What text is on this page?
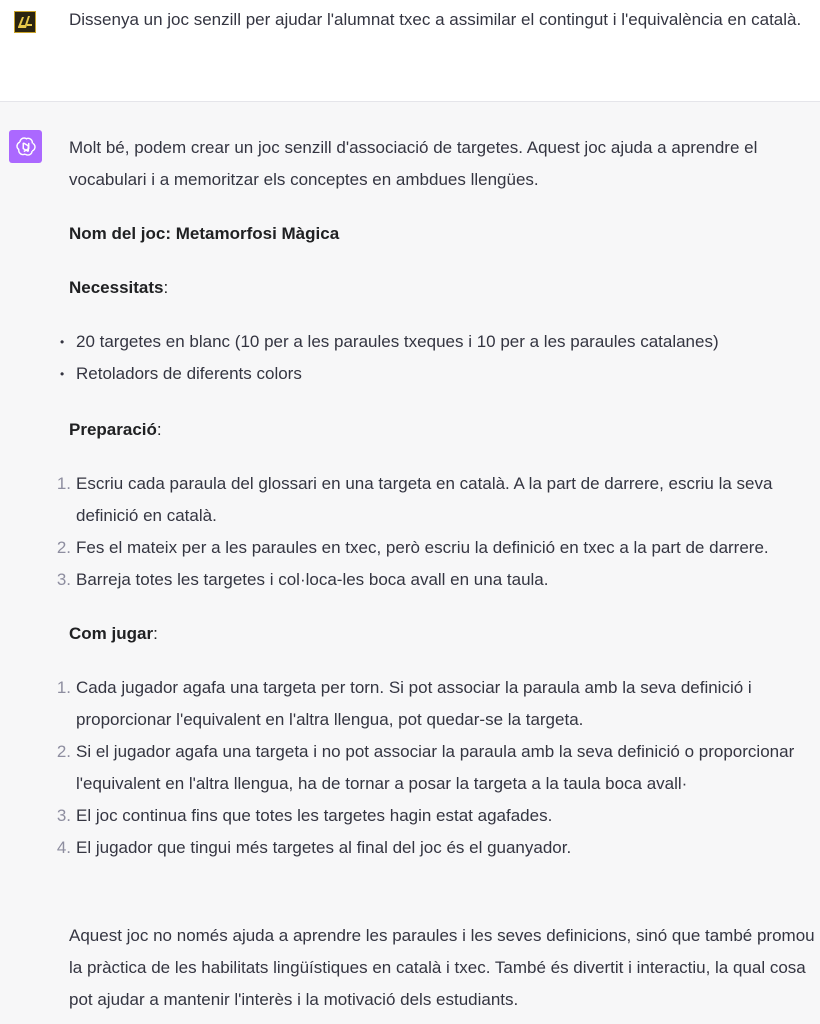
Dissenya un joc senzill per ajudar l'alumnat txec a assimilar el contingut i l'equivalència en català.

Molt bé, podem crear un joc senzill d'associació de targetes. Aquest joc ajuda a aprendre el vocabulari i a memoritzar els conceptes en ambdues llengües.

Nom del joc: Metamorfosi Màgica

Necessitats:

• 20 targetes en blanc (10 per a les paraules txeques i 10 per a les paraules catalanes)
• Retoladors de diferents colors

Preparació:

1. Escriu cada paraula del glossari en una targeta en català. A la part de darrere, escriu la seva definició en català.
2. Fes el mateix per a les paraules en txec, però escriu la definició en txec a la part de darrere.
3. Barreja totes les targetes i col·loca-les boca avall en una taula.

Com jugar:

1. Cada jugador agafa una targeta per torn. Si pot associar la paraula amb la seva definició i proporcionar l'equivalent en l'altra llengua, pot quedar-se la targeta.
2. Si el jugador agafa una targeta i no pot associar la paraula amb la seva definició o proporcionar l'equivalent en l'altra llengua, ha de tornar a posar la targeta a la taula boca avall·
3. El joc continua fins que totes les targetes hagin estat agafades.
4. El jugador que tingui més targetes al final del joc és el guanyador.

Aquest joc no només ajuda a aprendre les paraules i les seves definicions, sinó que també promou la pràctica de les habilitats lingüístiques en català i txec. També és divertit i interactiu, la qual cosa pot ajudar a mantenir l'interès i la motivació dels estudiants.
